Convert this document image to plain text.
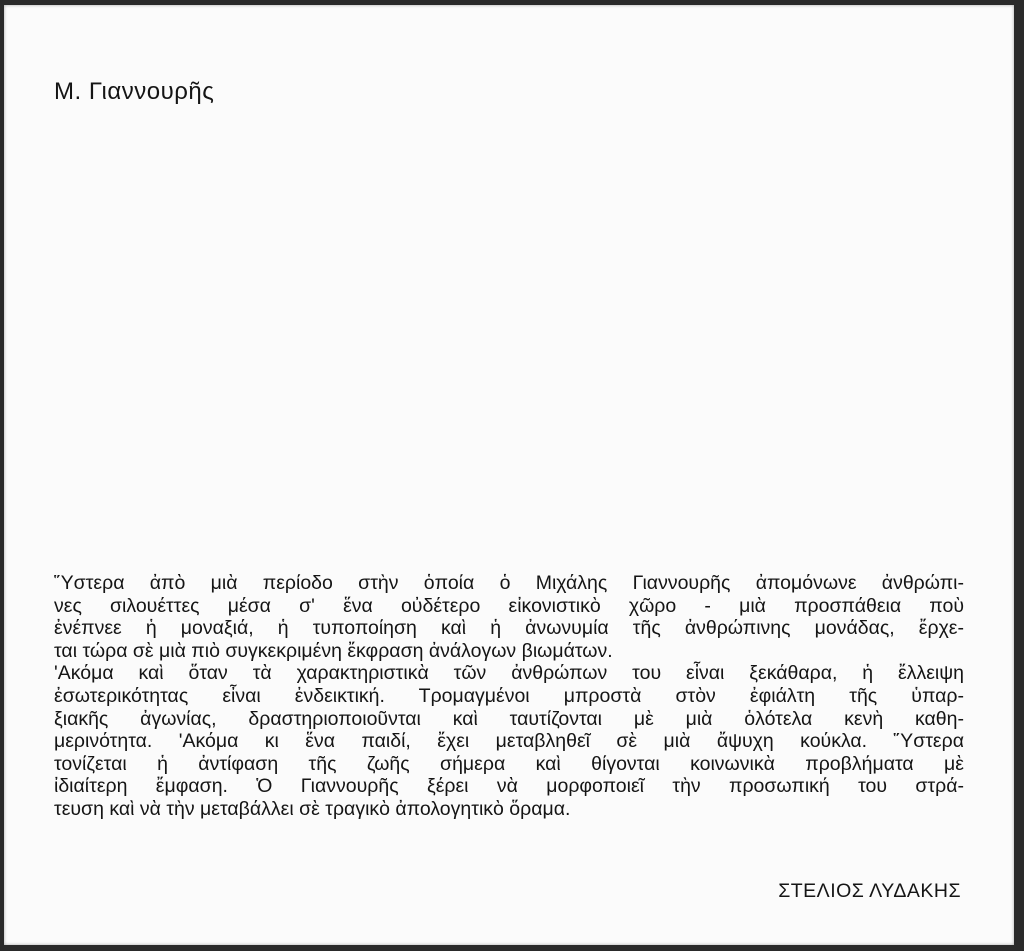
Μ. Γιαννουρῆς
Ὕστερα ἀπὸ μιὰ περίοδο στὴν ὁποία ὁ Μιχάλης Γιαννουρῆς ἀπομόνωνε ἀνθρώπι-
νες σιλουέττες μέσα σ' ἕνα οὐδέτερο εἰκονιστικὸ χῶρο - μιὰ προσπάθεια ποὺ
ἐνέπνεε ἡ μοναξιά, ἡ τυποποίηση καὶ ἡ ἀνωνυμία τῆς ἀνθρώπινης μονάδας, ἔρχε-
ται τώρα σὲ μιὰ πιὸ συγκεκριμένη ἔκφραση ἀνάλογων βιωμάτων.
'Ακόμα καὶ ὅταν τὰ χαρακτηριστικὰ τῶν ἀνθρώπων του εἶναι ξεκάθαρα, ἡ ἔλλειψη
ἐσωτερικότητας εἶναι ἐνδεικτική. Τρομαγμένοι μπροστὰ στὸν ἐφιάλτη τῆς ὑπαρ-
ξιακῆς ἀγωνίας, δραστηριοποιοῦνται καὶ ταυτίζονται μὲ μιὰ ὁλότελα κενὴ καθη-
μερινότητα. 'Ακόμα κι ἕνα παιδί, ἔχει μεταβληθεῖ σὲ μιὰ ἄψυχη κούκλα. Ὕστερα
τονίζεται ἡ ἀντίφαση τῆς ζωῆς σήμερα καὶ θίγονται κοινωνικὰ προβλήματα μὲ
ἰδιαίτερη ἔμφαση. Ὁ Γιαννουρῆς ξέρει νὰ μορφοποιεῖ τὴν προσωπική του στρά-
τευση καὶ νὰ τὴν μεταβάλλει σὲ τραγικὸ ἀπολογητικὸ ὅραμα.

ΣΤΕΛΙΟΣ ΛΥΔΑΚΗΣ
